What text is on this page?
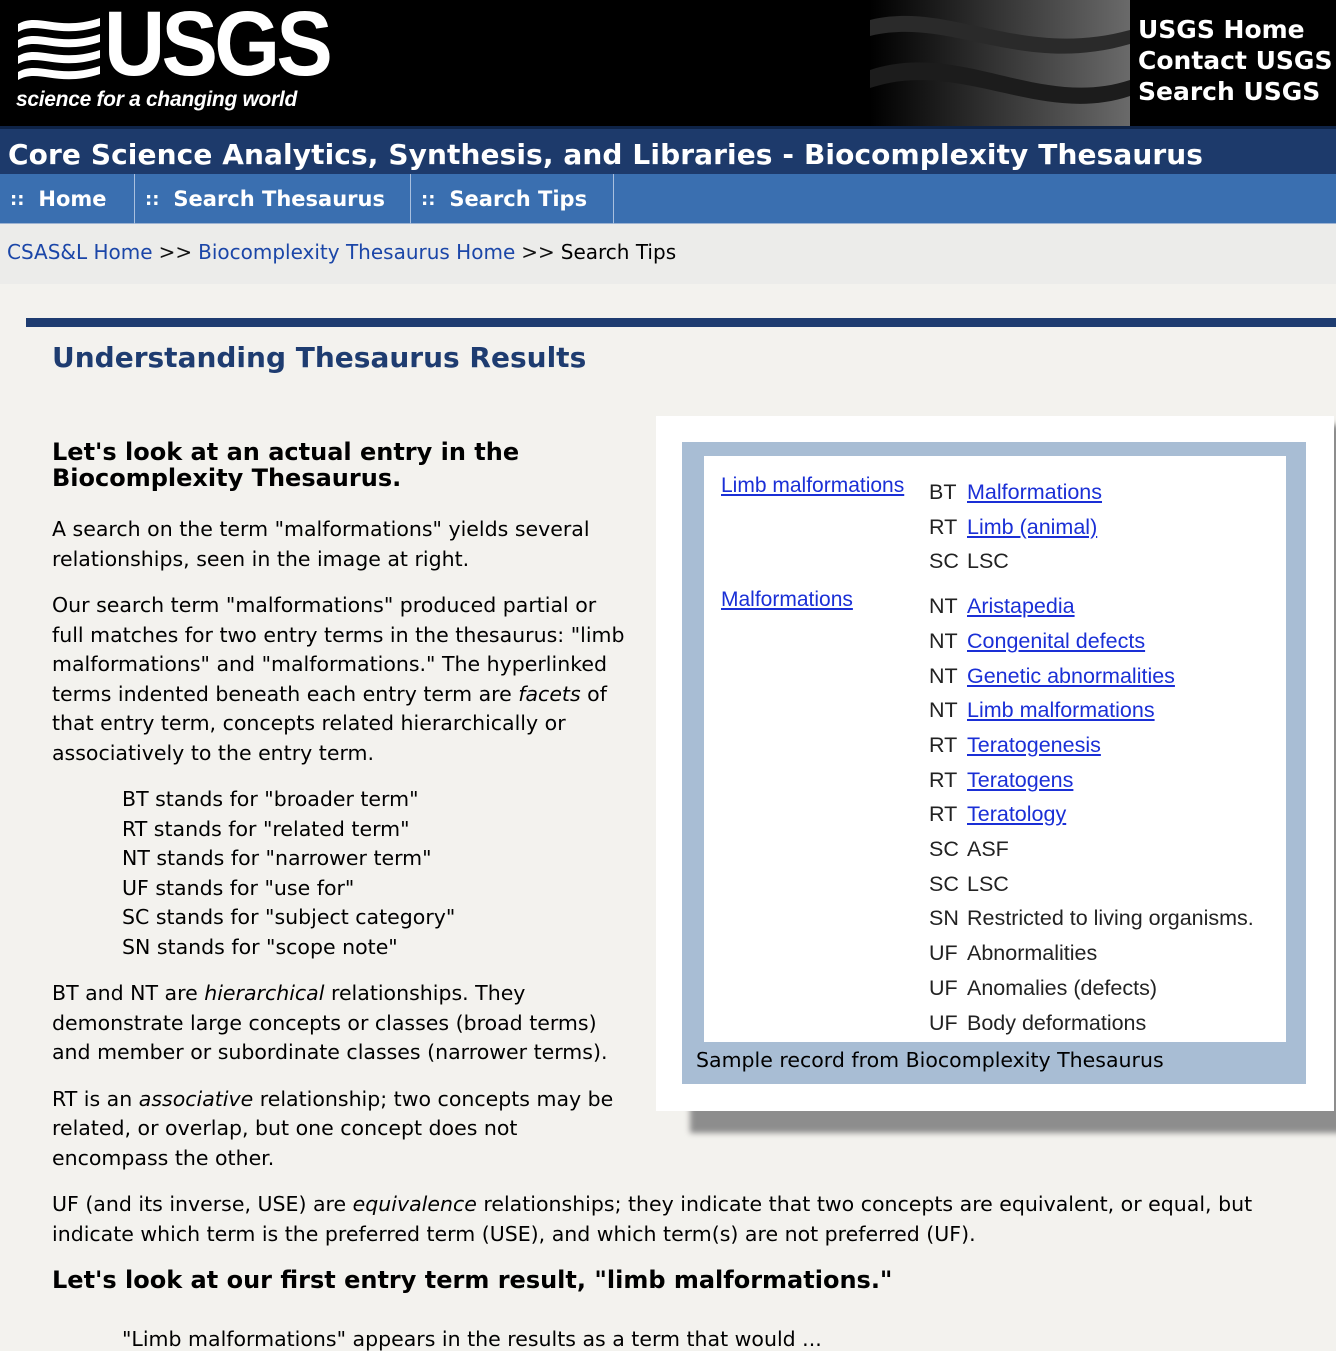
USGS
science for a changing world
USGS Home
Contact USGS
Search USGS
Core Science Analytics, Synthesis, and Libraries - Biocomplexity Thesaurus
:: Home :: Search Thesaurus :: Search Tips
CSAS&L Home >> Biocomplexity Thesaurus Home >> Search Tips
Understanding Thesaurus Results
Let's look at an actual entry in the Biocomplexity Thesaurus.

A search on the term "malformations" yields several relationships, seen in the image at right.

Our search term "malformations" produced partial or full matches for two entry terms in the thesaurus: "limb malformations" and "malformations." The hyperlinked terms indented beneath each entry term are facets of that entry term, concepts related hierarchically or associatively to the entry term.

BT stands for "broader term"
RT stands for "related term"
NT stands for "narrower term"
UF stands for "use for"
SC stands for "subject category"
SN stands for "scope note"

BT and NT are hierarchical relationships. They demonstrate large concepts or classes (broad terms) and member or subordinate classes (narrower terms).

RT is an associative relationship; two concepts may be related, or overlap, but one concept does not encompass the other.

Limb malformations BT Malformations
RT Limb (animal)
SC LSC
Malformations	NT Aristapedia
NT Congenital defects
NT Genetic abnormalities
NT Limb malformations
RT Teratogenesis
RT Teratogens
RT Teratology
SC ASF
SC LSC
SN Restricted to living organisms.
UF Abnormalities
UF Anomalies (defects)
UF Body deformations
Sample record from Biocomplexity Thesaurus

UF (and its inverse, USE) are equivalence relationships; they indicate that two concepts are equivalent, or equal, but indicate which term is the preferred term (USE), and which term(s) are not preferred (UF).

Let's look at our first entry term result, "limb malformations."
"Limb malformations" appears in the results as a term that would ...
